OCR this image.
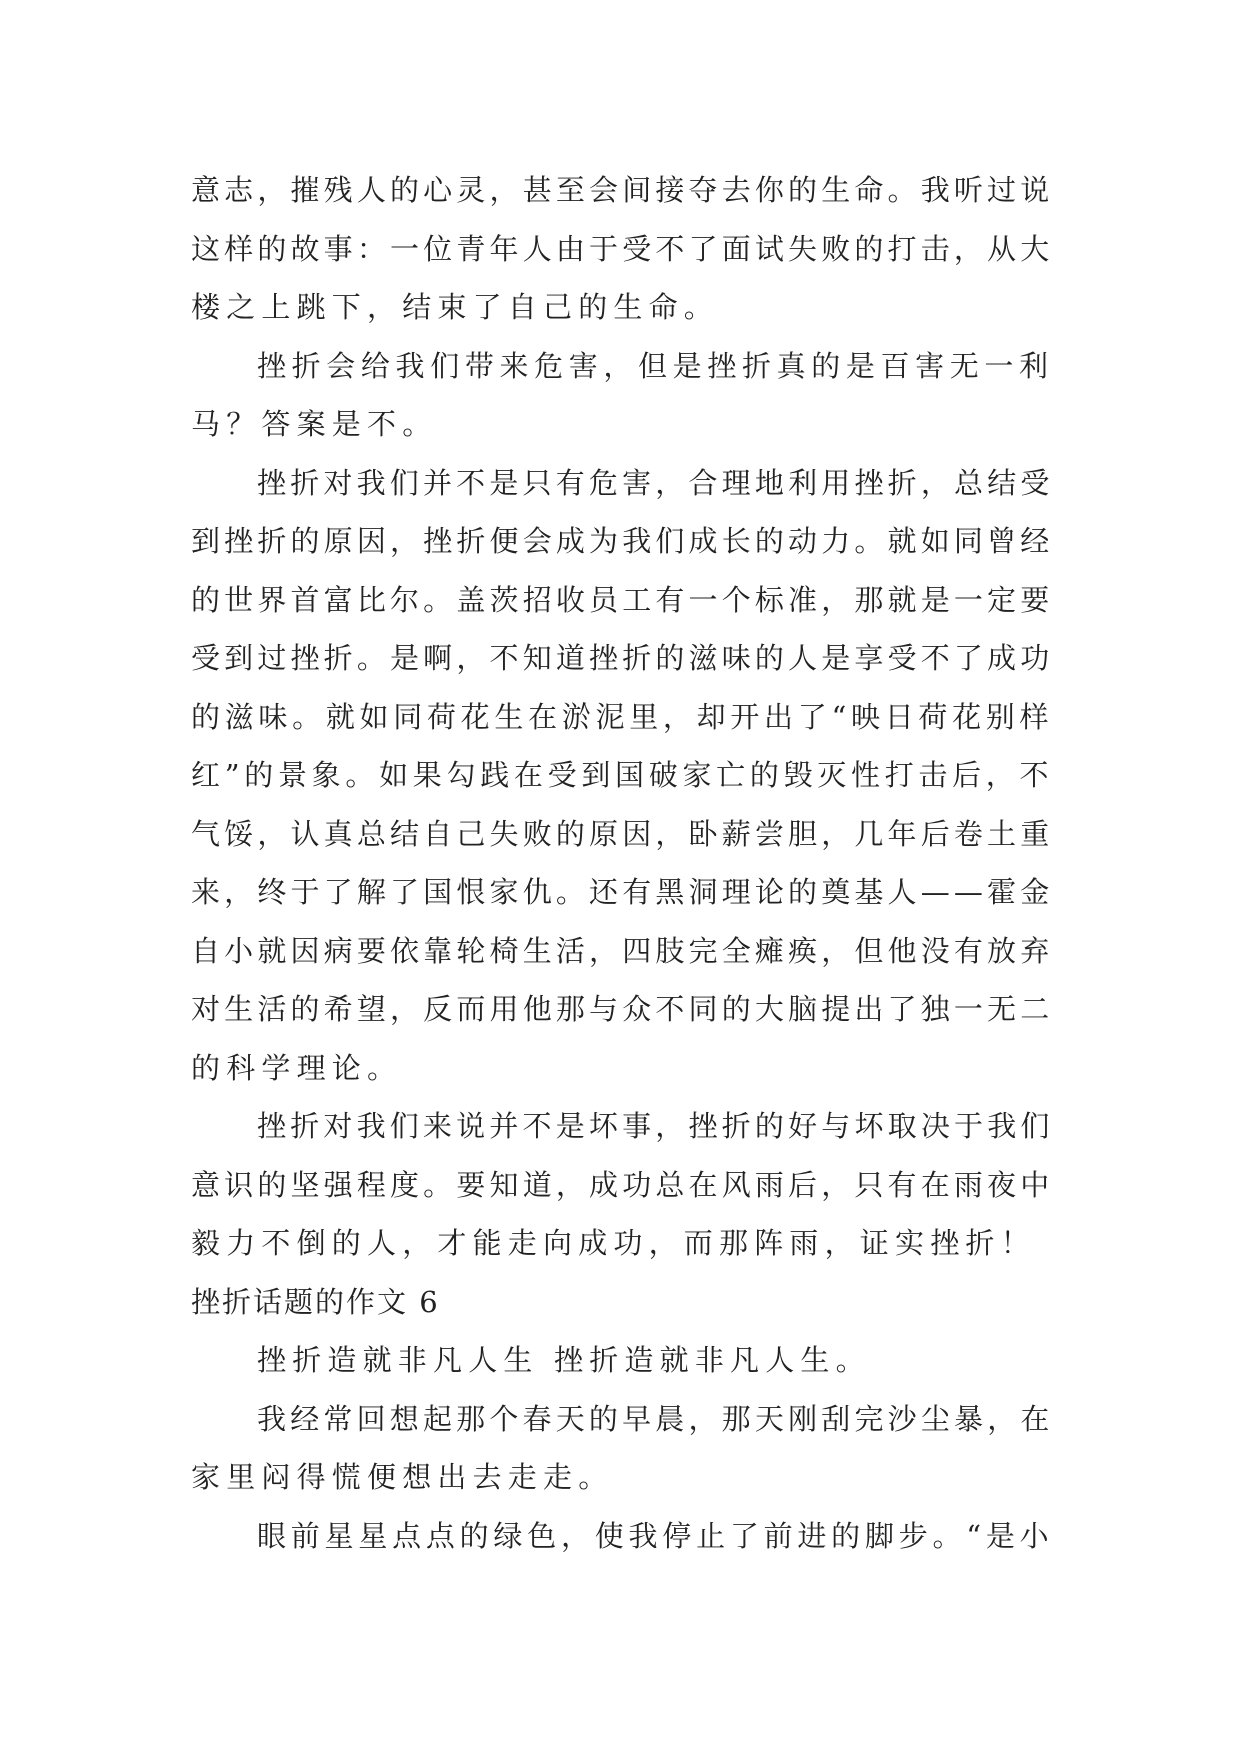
意志，摧残人的心灵，甚至会间接夺去你的生命。我听过说
这样的故事：一位青年人由于受不了面试失败的打击，从大
楼之上跳下，结束了自己的生命。
挫折会给我们带来危害，但是挫折真的是百害无一利
马？答案是不。
挫折对我们并不是只有危害，合理地利用挫折，总结受
到挫折的原因，挫折便会成为我们成长的动力。就如同曾经
的世界首富比尔。盖茨招收员工有一个标准，那就是一定要
受到过挫折。是啊，不知道挫折的滋味的人是享受不了成功
的滋味。就如同荷花生在淤泥里，却开出了“映日荷花别样
红”的景象。如果勾践在受到国破家亡的毁灭性打击后，不
气馁，认真总结自己失败的原因，卧薪尝胆，几年后卷土重
来，终于了解了国恨家仇。还有黑洞理论的奠基人——霍金
自小就因病要依靠轮椅生活，四肢完全瘫痪，但他没有放弃
对生活的希望，反而用他那与众不同的大脑提出了独一无二
的科学理论。
挫折对我们来说并不是坏事，挫折的好与坏取决于我们
意识的坚强程度。要知道，成功总在风雨后，只有在雨夜中
毅力不倒的人，才能走向成功，而那阵雨，证实挫折！
挫折话题的作文 6
挫折造就非凡人生 挫折造就非凡人生。
我经常回想起那个春天的早晨，那天刚刮完沙尘暴，在
家里闷得慌便想出去走走。
眼前星星点点的绿色，使我停止了前进的脚步。“是小
